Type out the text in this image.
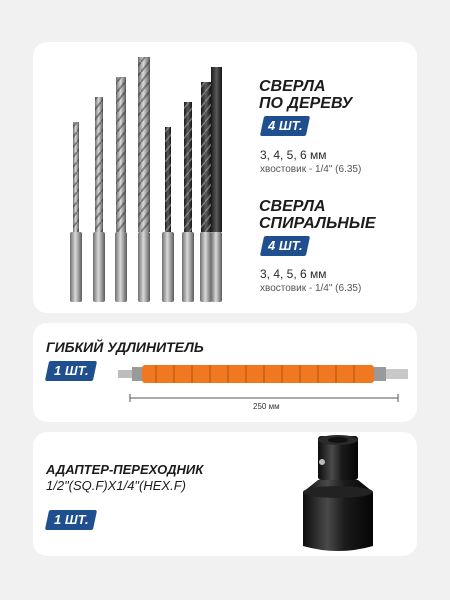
СВЕРЛА
ПО ДЕРЕВУ
4 ШТ.
3, 4, 5, 6 мм
хвостовик - 1/4" (6.35)
СВЕРЛА
СПИРАЛЬНЫЕ
4 ШТ.
3, 4, 5, 6 мм
хвостовик - 1/4" (6.35)
ГИБКИЙ УДЛИНИТЕЛЬ
1 ШТ.
250 мм
АДАПТЕР-ПЕРЕХОДНИК
1/2"(SQ.F)X1/4"(HEX.F)
1 ШТ.
